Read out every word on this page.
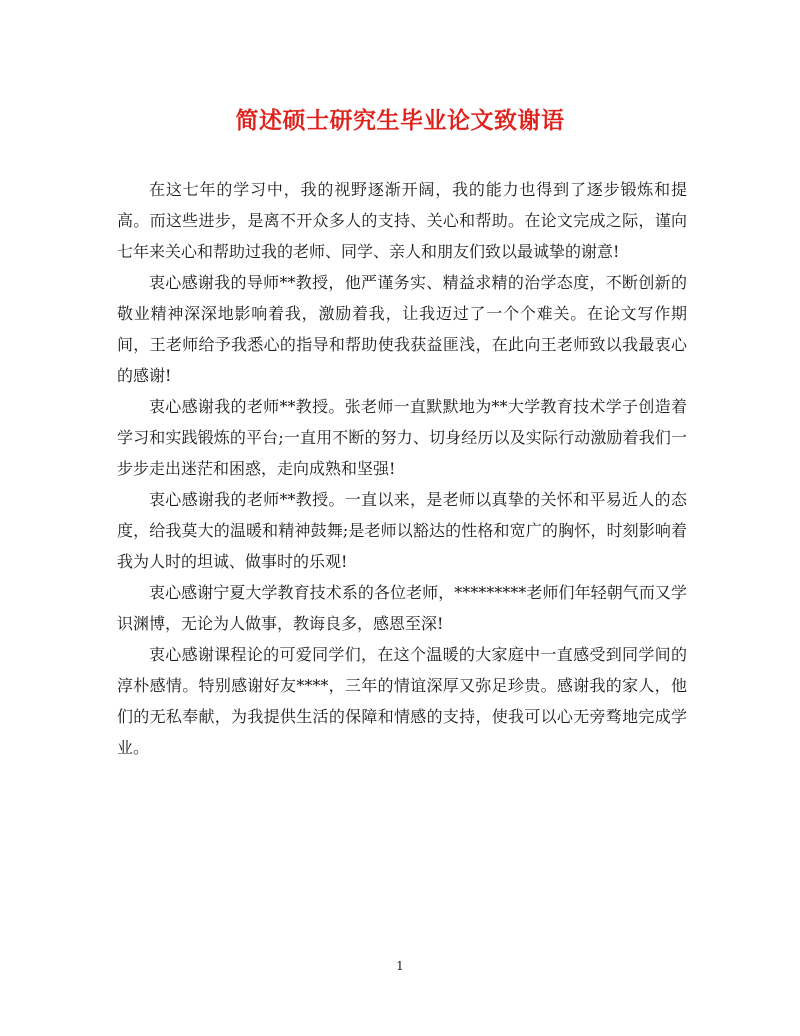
简述硕士研究生毕业论文致谢语

在这七年的学习中，我的视野逐渐开阔，我的能力也得到了逐步锻炼和提高。而这些进步，是离不开众多人的支持、关心和帮助。在论文完成之际，谨向七年来关心和帮助过我的老师、同学、亲人和朋友们致以最诚挚的谢意!

衷心感谢我的导师**教授，他严谨务实、精益求精的治学态度，不断创新的敬业精神深深地影响着我，激励着我，让我迈过了一个个难关。在论文写作期间，王老师给予我悉心的指导和帮助使我获益匪浅，在此向王老师致以我最衷心的感谢!

衷心感谢我的老师**教授。张老师一直默默地为**大学教育技术学子创造着学习和实践锻炼的平台;一直用不断的努力、切身经历以及实际行动激励着我们一步步走出迷茫和困惑，走向成熟和坚强!

衷心感谢我的老师**教授。一直以来，是老师以真挚的关怀和平易近人的态度，给我莫大的温暖和精神鼓舞;是老师以豁达的性格和宽广的胸怀，时刻影响着我为人时的坦诚、做事时的乐观!

衷心感谢宁夏大学教育技术系的各位老师，*********老师们年轻朝气而又学识渊博，无论为人做事，教诲良多，感恩至深!

衷心感谢课程论的可爱同学们，在这个温暖的大家庭中一直感受到同学间的淳朴感情。特别感谢好友****，三年的情谊深厚又弥足珍贵。感谢我的家人，他们的无私奉献，为我提供生活的保障和情感的支持，使我可以心无旁骛地完成学业。

1
